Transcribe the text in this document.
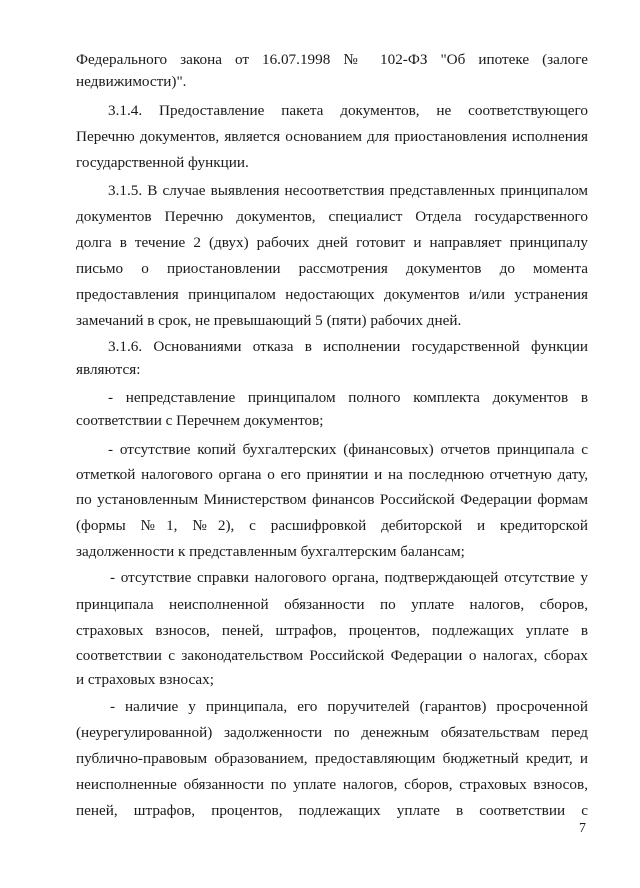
Федерального закона от 16.07.1998 № 102-ФЗ "Об ипотеке (залоге
недвижимости)".
3.1.4. Предоставление пакета документов, не соответствующего
Перечню документов, является основанием для приостановления исполнения
государственной функции.
3.1.5. В случае выявления несоответствия представленных принципалом
документов Перечню документов, специалист Отдела государственного
долга в течение 2 (двух) рабочих дней готовит и направляет принципалу
письмо о приостановлении рассмотрения документов до момента
предоставления принципалом недостающих документов и/или устранения
замечаний в срок, не превышающий 5 (пяти) рабочих дней.
3.1.6. Основаниями отказа в исполнении государственной функции
являются:
- непредставление принципалом полного комплекта документов в
соответствии с Перечнем документов;
- отсутствие копий бухгалтерских (финансовых) отчетов принципала с
отметкой налогового органа о его принятии и на последнюю отчетную дату,
по установленным Министерством финансов Российской Федерации формам
(формы №1, №2), с расшифровкой дебиторской и кредиторской
задолженности к представленным бухгалтерским балансам;
- отсутствие справки налогового органа, подтверждающей отсутствие у
принципала неисполненной обязанности по уплате налогов, сборов,
страховых взносов, пеней, штрафов, процентов, подлежащих уплате в
соответствии с законодательством Российской Федерации о налогах, сборах
и страховых взносах;
- наличие у принципала, его поручителей (гарантов) просроченной
(неурегулированной) задолженности по денежным обязательствам перед
публично-правовым образованием, предоставляющим бюджетный кредит, и
неисполненные обязанности по уплате налогов, сборов, страховых взносов,
пеней, штрафов, процентов, подлежащих уплате в соответствии с
7
